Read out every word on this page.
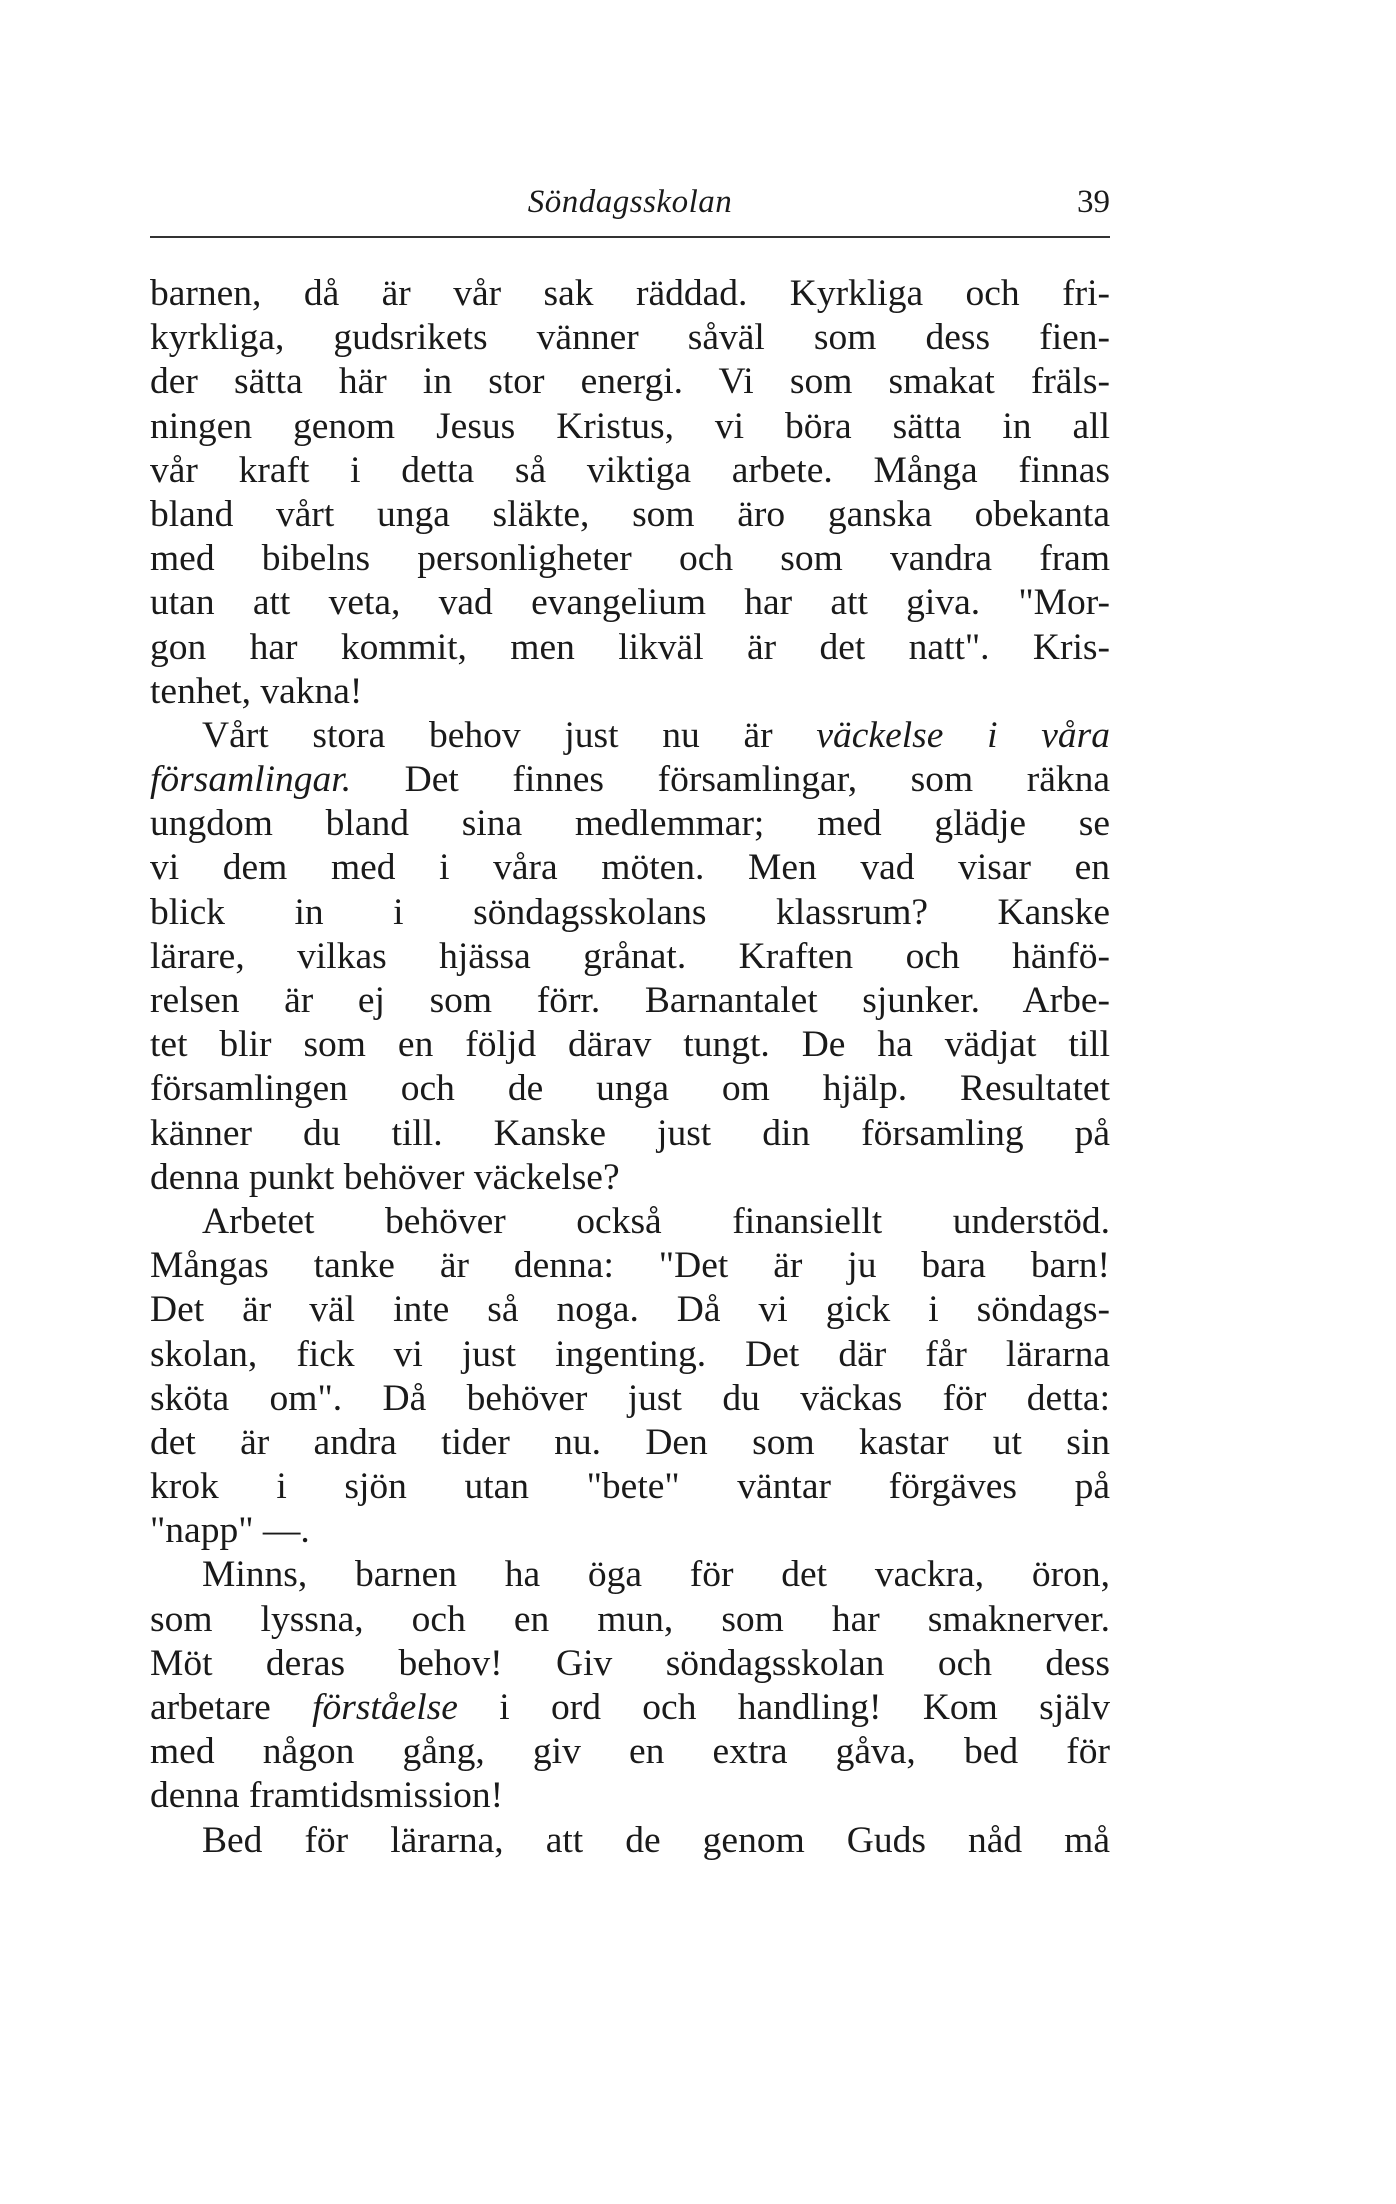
Söndagsskolan	39
barnen, då är vår sak räddad. Kyrkliga och fri-
kyrkliga, gudsrikets vänner såväl som dess fien-
der sätta här in stor energi. Vi som smakat fräls-
ningen genom Jesus Kristus, vi böra sätta in all
vår kraft i detta så viktiga arbete. Många finnas
bland vårt unga släkte, som äro ganska obekanta
med bibelns personligheter och som vandra fram
utan att veta, vad evangelium har att giva. "Mor-
gon har kommit, men likväl är det natt". Kris-
tenhet, vakna!
Vårt stora behov just nu är väckelse i våra
församlingar. Det finnes församlingar, som räkna
ungdom bland sina medlemmar; med glädje se
vi dem med i våra möten. Men vad visar en
blick in i söndagsskolans klassrum? Kanske
lärare, vilkas hjässa grånat. Kraften och hänfö-
relsen är ej som förr. Barnantalet sjunker. Arbe-
tet blir som en följd därav tungt. De ha vädjat till
församlingen och de unga om hjälp. Resultatet
känner du till. Kanske just din församling på
denna punkt behöver väckelse?
Arbetet behöver också finansiellt understöd.
Mångas tanke är denna: "Det är ju bara barn!
Det är väl inte så noga. Då vi gick i söndags-
skolan, fick vi just ingenting. Det där får lärarna
sköta om". Då behöver just du väckas för detta:
det är andra tider nu. Den som kastar ut sin
krok i sjön utan "bete" väntar förgäves på
"napp" —.
Minns, barnen ha öga för det vackra, öron,
som lyssna, och en mun, som har smaknerver.
Möt deras behov! Giv söndagsskolan och dess
arbetare förståelse i ord och handling! Kom själv
med någon gång, giv en extra gåva, bed för
denna framtidsmission!
Bed för lärarna, att de genom Guds nåd må
